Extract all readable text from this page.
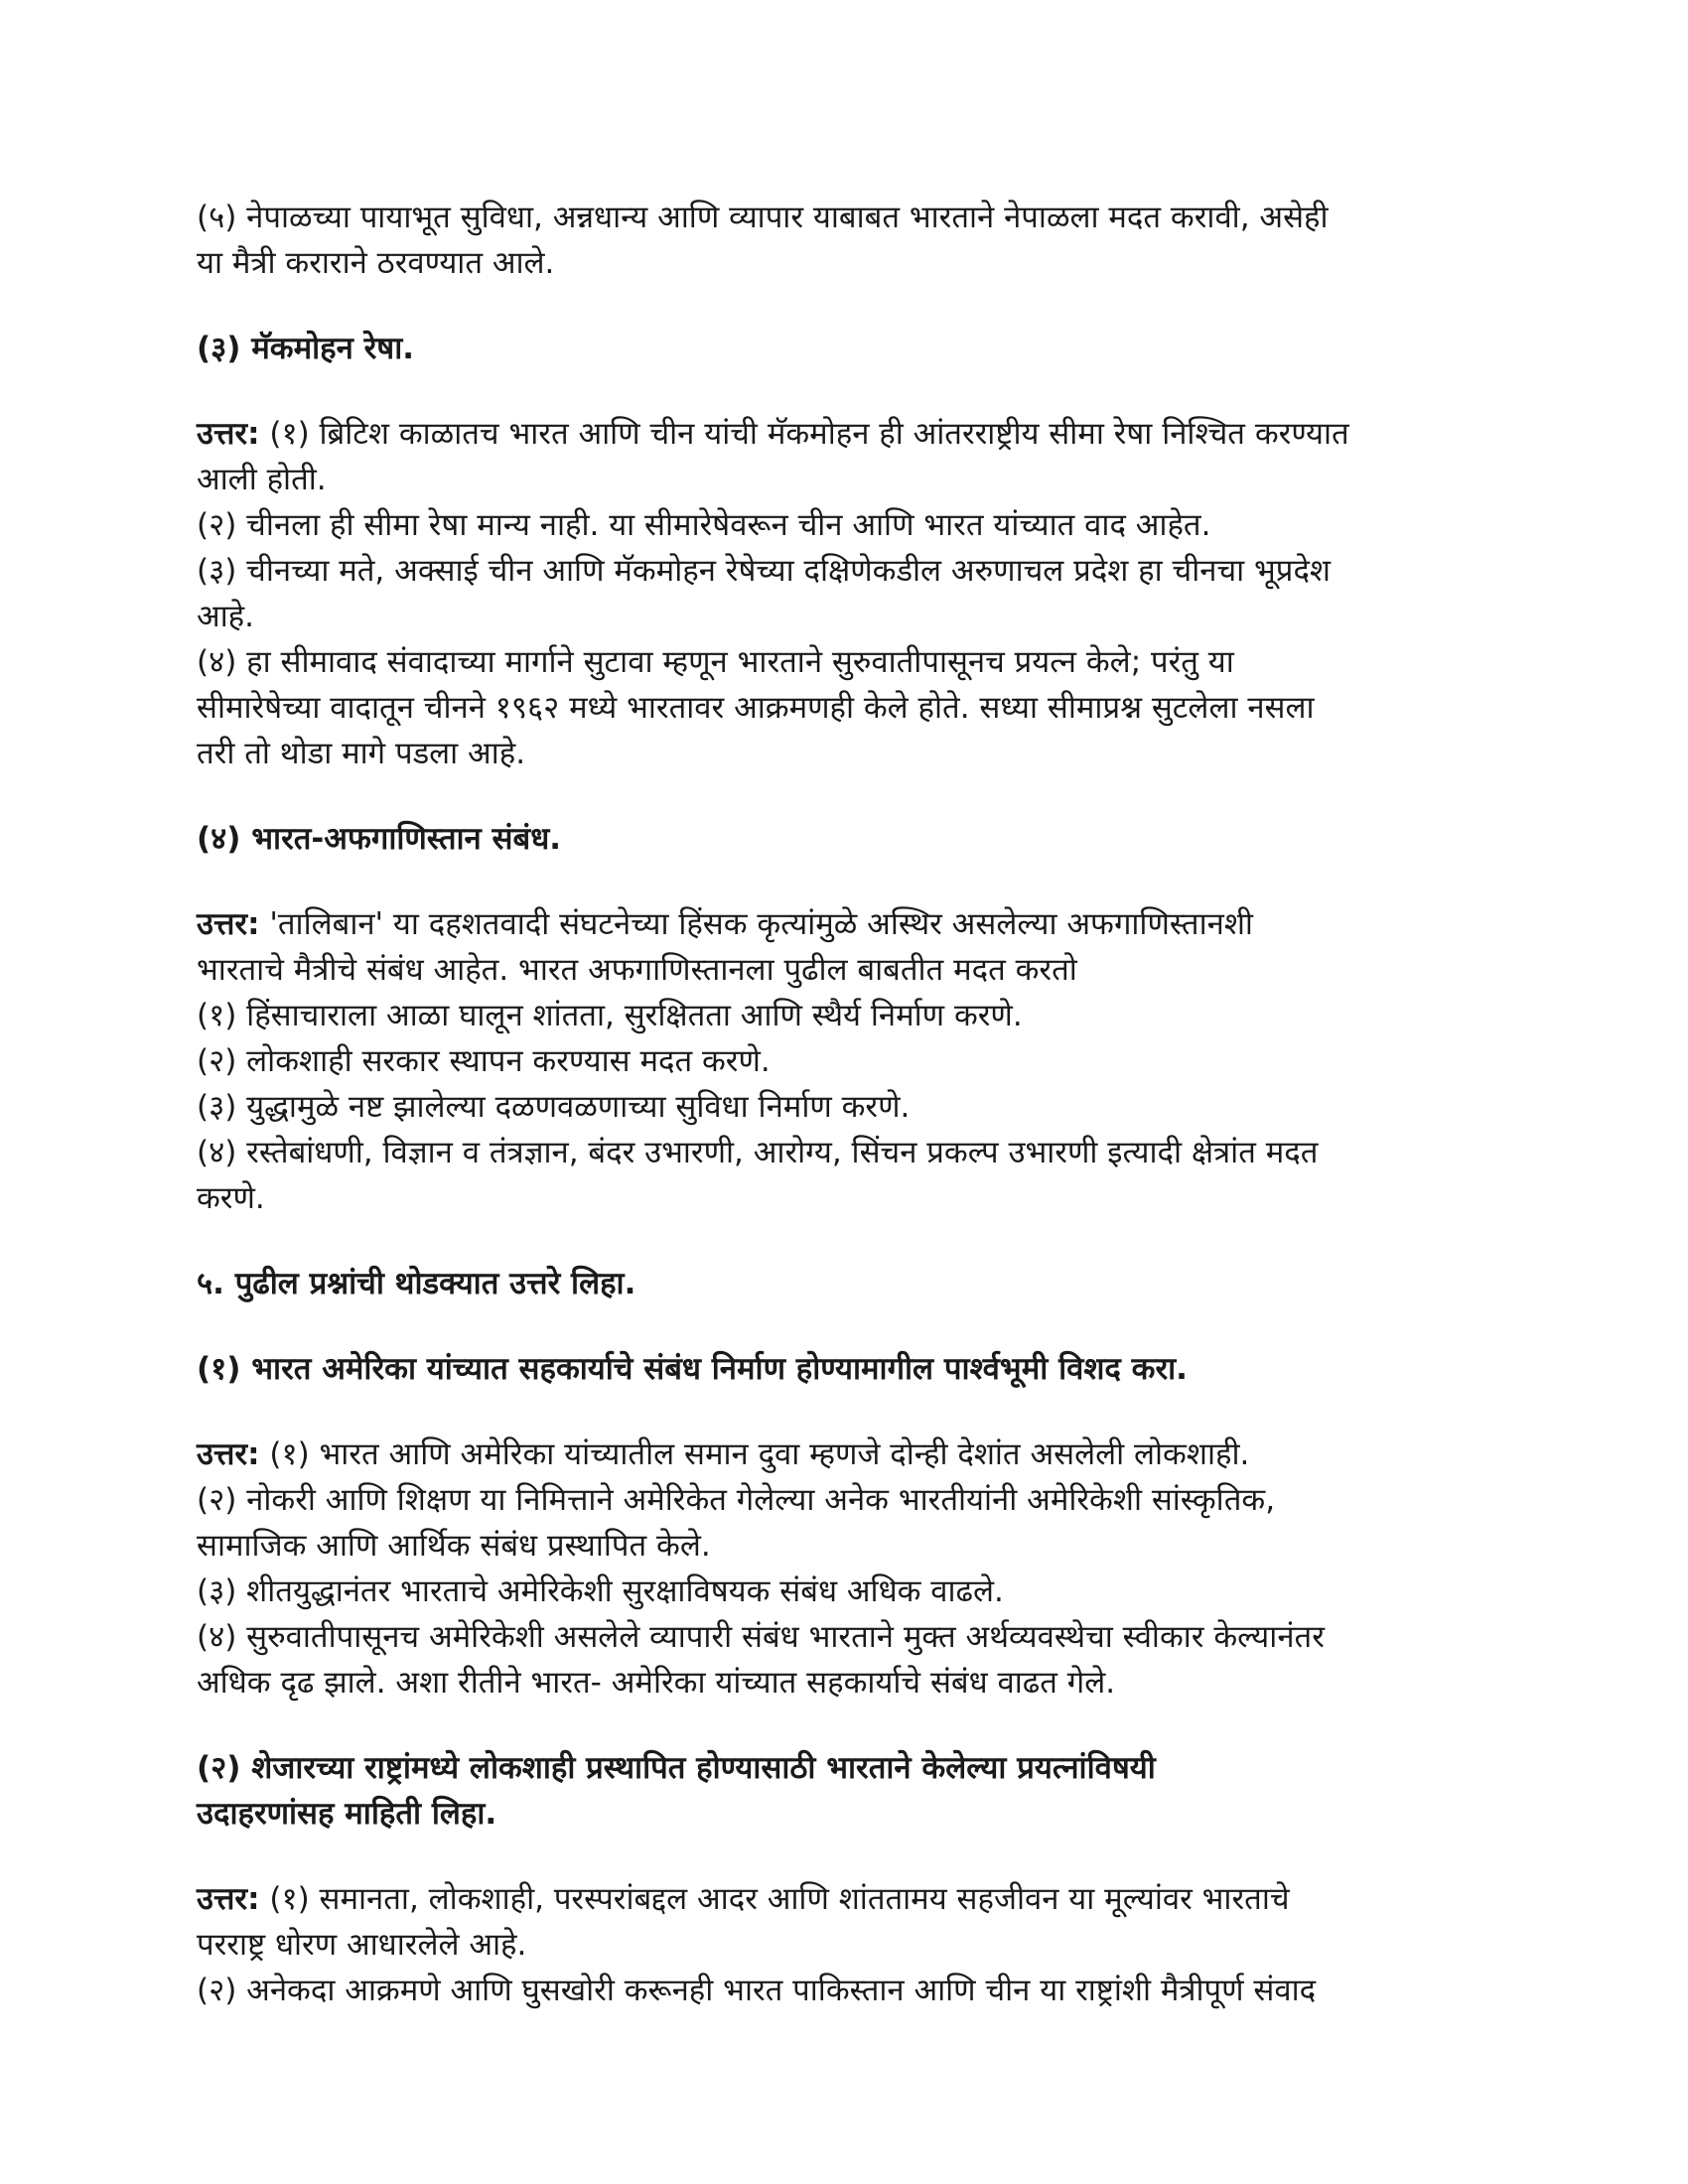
(५) नेपाळच्या पायाभूत सुविधा, अन्नधान्य आणि व्यापार याबाबत भारताने नेपाळला मदत करावी, असेही
या मैत्री कराराने ठरवण्यात आले.
(३) मॅकमोहन रेषा.
उत्तर: (१) ब्रिटिश काळातच भारत आणि चीन यांची मॅकमोहन ही आंतरराष्ट्रीय सीमा रेषा निश्चित करण्यात
आली होती.
(२) चीनला ही सीमा रेषा मान्य नाही. या सीमारेषेवरून चीन आणि भारत यांच्यात वाद आहेत.
(३) चीनच्या मते, अक्साई चीन आणि मॅकमोहन रेषेच्या दक्षिणेकडील अरुणाचल प्रदेश हा चीनचा भूप्रदेश
आहे.
(४) हा सीमावाद संवादाच्या मार्गाने सुटावा म्हणून भारताने सुरुवातीपासूनच प्रयत्न केले; परंतु या
सीमारेषेच्या वादातून चीनने १९६२ मध्ये भारतावर आक्रमणही केले होते. सध्या सीमाप्रश्न सुटलेला नसला
तरी तो थोडा मागे पडला आहे.
(४) भारत-अफगाणिस्तान संबंध.
उत्तर: 'तालिबान' या दहशतवादी संघटनेच्या हिंसक कृत्यांमुळे अस्थिर असलेल्या अफगाणिस्तानशी
भारताचे मैत्रीचे संबंध आहेत. भारत अफगाणिस्तानला पुढील बाबतीत मदत करतो
(१) हिंसाचाराला आळा घालून शांतता, सुरक्षितता आणि स्थैर्य निर्माण करणे.
(२) लोकशाही सरकार स्थापन करण्यास मदत करणे.
(३) युद्धामुळे नष्ट झालेल्या दळणवळणाच्या सुविधा निर्माण करणे.
(४) रस्तेबांधणी, विज्ञान व तंत्रज्ञान, बंदर उभारणी, आरोग्य, सिंचन प्रकल्प उभारणी इत्यादी क्षेत्रांत मदत
करणे.
५. पुढील प्रश्नांची थोडक्यात उत्तरे लिहा.
(१) भारत अमेरिका यांच्यात सहकार्याचे संबंध निर्माण होण्यामागील पार्श्वभूमी विशद करा.
उत्तर: (१) भारत आणि अमेरिका यांच्यातील समान दुवा म्हणजे दोन्ही देशांत असलेली लोकशाही.
(२) नोकरी आणि शिक्षण या निमित्ताने अमेरिकेत गेलेल्या अनेक भारतीयांनी अमेरिकेशी सांस्कृतिक,
सामाजिक आणि आर्थिक संबंध प्रस्थापित केले.
(३) शीतयुद्धानंतर भारताचे अमेरिकेशी सुरक्षाविषयक संबंध अधिक वाढले.
(४) सुरुवातीपासूनच अमेरिकेशी असलेले व्यापारी संबंध भारताने मुक्त अर्थव्यवस्थेचा स्वीकार केल्यानंतर
अधिक दृढ झाले. अशा रीतीने भारत- अमेरिका यांच्यात सहकार्याचे संबंध वाढत गेले.
(२) शेजारच्या राष्ट्रांमध्ये लोकशाही प्रस्थापित होण्यासाठी भारताने केलेल्या प्रयत्नांविषयी
उदाहरणांसह माहिती लिहा.
उत्तर: (१) समानता, लोकशाही, परस्परांबद्दल आदर आणि शांततामय सहजीवन या मूल्यांवर भारताचे
परराष्ट्र धोरण आधारलेले आहे.
(२) अनेकदा आक्रमणे आणि घुसखोरी करूनही भारत पाकिस्तान आणि चीन या राष्ट्रांशी मैत्रीपूर्ण संवाद
